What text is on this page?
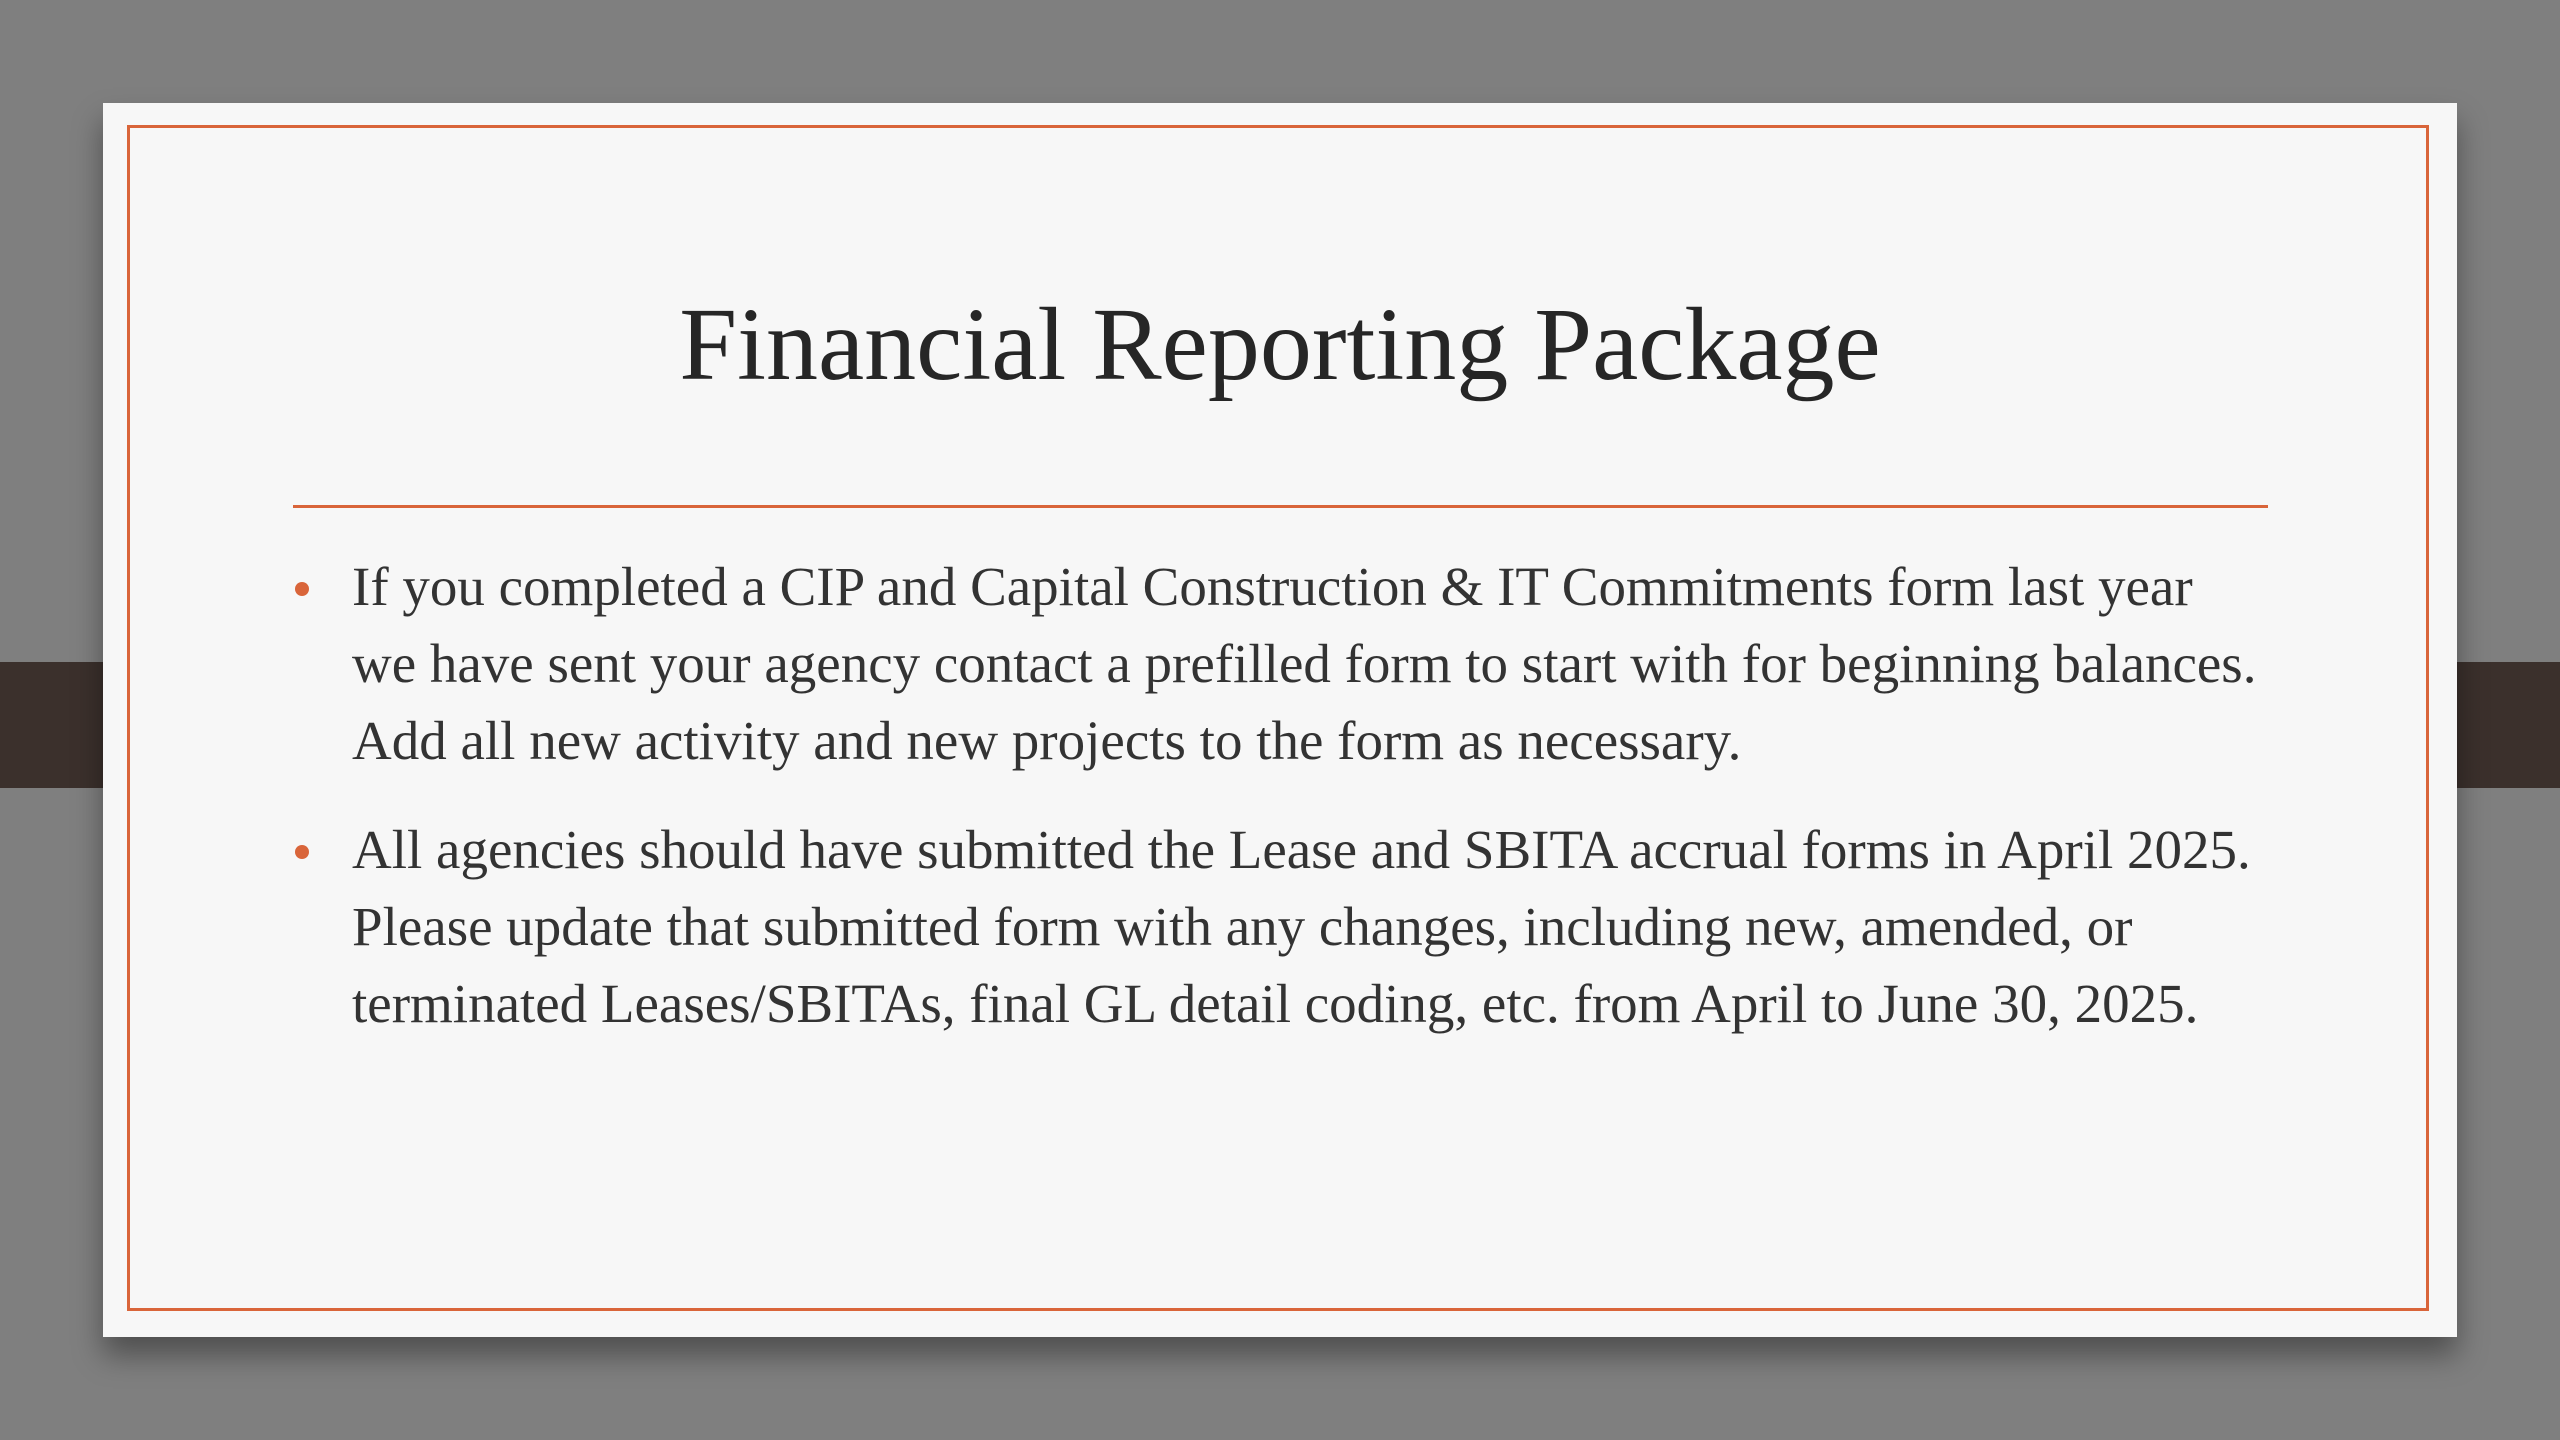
Financial Reporting Package
If you completed a CIP and Capital Construction & IT Commitments form last year we have sent your agency contact a prefilled form to start with for beginning balances. Add all new activity and new projects to the form as necessary.
All agencies should have submitted the Lease and SBITA accrual forms in April 2025. Please update that submitted form with any changes, including new, amended, or terminated Leases/SBITAs, final GL detail coding, etc. from April to June 30, 2025.
